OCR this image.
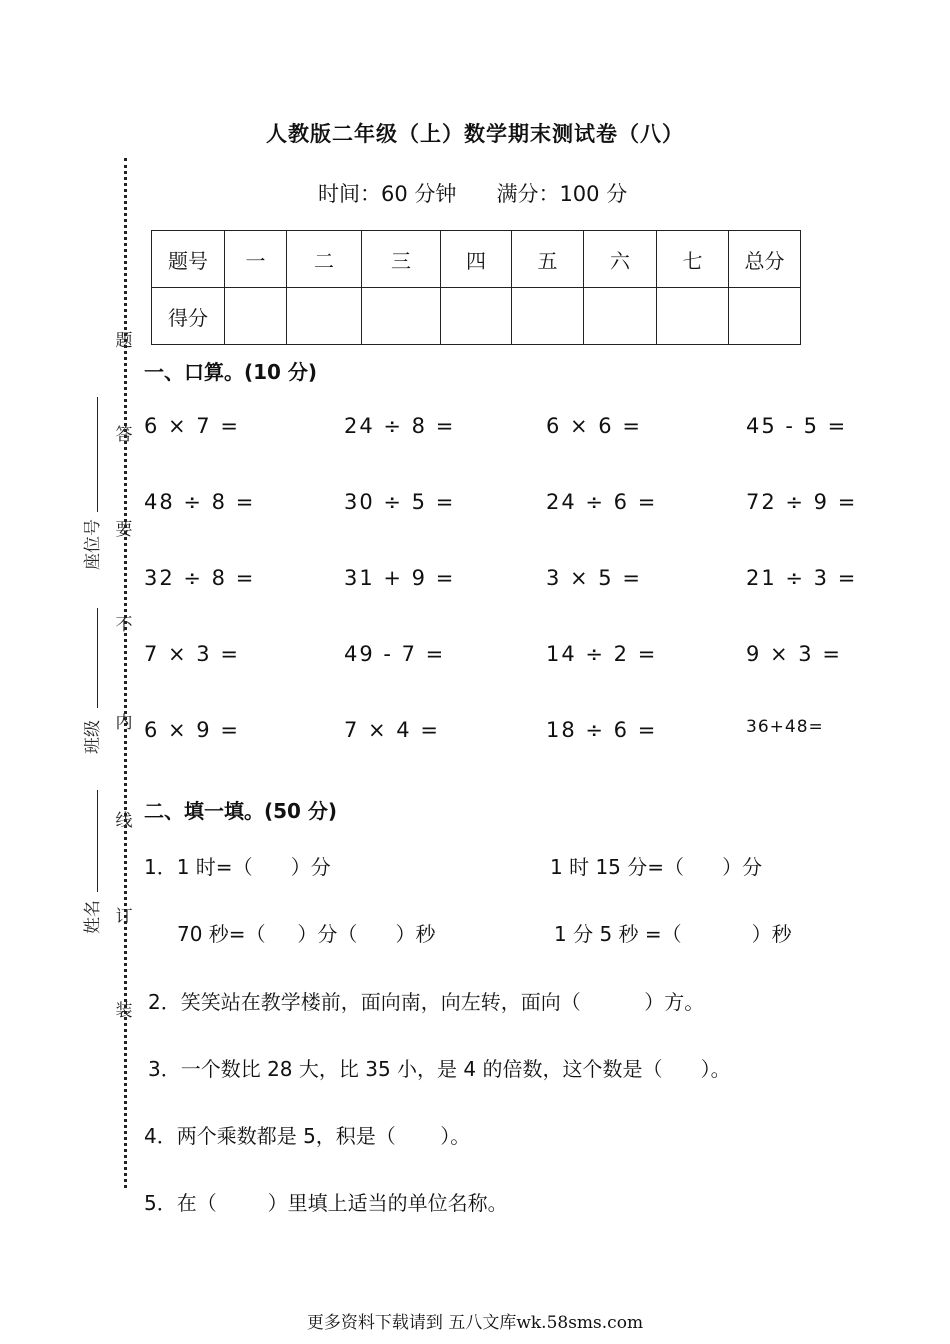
人教版二年级（上）数学期末测试卷（八）
时间：60 分钟      满分：100 分
题号	一	二	三	四	五	六	七	总分
得分								
题
答
要
不
内
线
订
装
座位号
班级
姓名
一、口算。(10 分)
6 × 7 =	24 ÷ 8 =	6 × 6 =	45 - 5 =
48 ÷ 8 =	30 ÷ 5 =	24 ÷ 6 =	72 ÷ 9 =
32 ÷ 8 =	31 + 9 =	3 × 5 =	21 ÷ 3 =
7 × 3 =	49 - 7 =	14 ÷ 2 =	9 × 3 =
6 × 9 =	7 × 4 =	18 ÷ 6 =	36+48=
二、填一填。(50 分)
1．1 时=（      ）分	1 时 15 分=（      ）分
70 秒=（     ）分（      ）秒	1 分 5 秒 =（           ）秒
2．笑笑站在教学楼前，面向南，向左转，面向（          ）方。
3．一个数比 28 大，比 35 小，是 4 的倍数，这个数是（      ）。
4．两个乘数都是 5，积是（       ）。
5．在（        ）里填上适当的单位名称。
更多资料下载请到 五八文库wk.58sms.com
